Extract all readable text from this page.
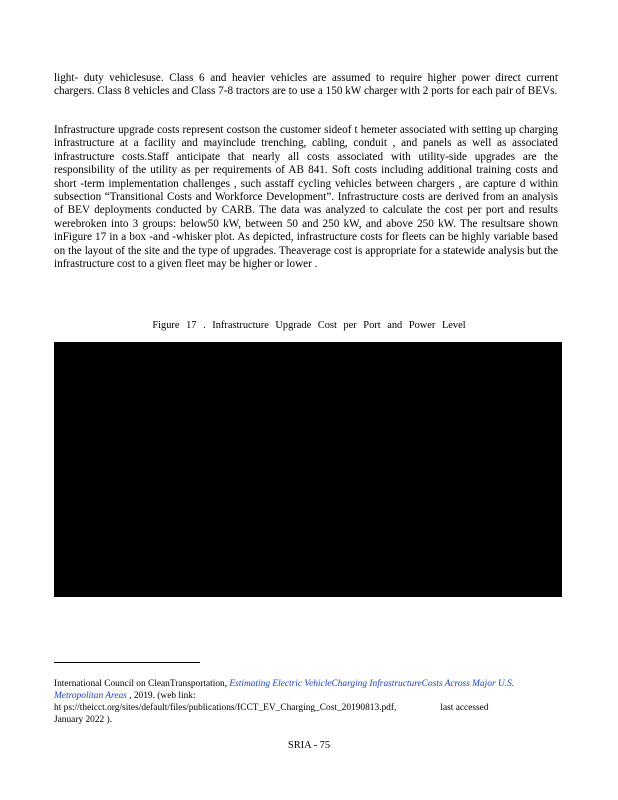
light- duty vehiclesuse. Class 6 and heavier vehicles are assumed to require higher power direct current chargers. Class 8 vehicles and Class 7-8 tractors are to use a 150 kW charger with 2 ports for each pair of BEVs.

Infrastructure upgrade costs represent costson the customer sideof t hemeter associated with setting up charging infrastructure at a facility and mayinclude trenching, cabling, conduit , and panels as well as associated infrastructure costs.Staff anticipate that nearly all costs associated with utility-side upgrades are the responsibility of the utility as per requirements of AB 841. Soft costs including additional training costs and short -term implementation challenges , such asstaff cycling vehicles between chargers , are capture d within subsection “Transitional Costs and Workforce Development”. Infrastructure costs are derived from an analysis of BEV deployments conducted by CARB. The data was analyzed to calculate the cost per port and results werebroken into 3 groups: below50 kW, between 50 and 250 kW, and above 250 kW. The resultsare shown inFigure 17 in a box -and -whisker plot. As depicted, infrastructure costs for fleets can be highly variable based on the layout of the site and the type of upgrades. Theaverage cost is appropriate for a statewide analysis but the infrastructure cost to a given fleet may be higher or lower .

Figure 17 . Infrastructure Upgrade Cost per Port and Power Level

International Council on CleanTransportation, Estimating Electric VehicleCharging InfrastructureCosts Across Major U.S. Metropolitan Areas , 2019. (web link:
ht ps://theicct.org/sites/default/files/publications/ICCT_EV_Charging_Cost_20190813.pdf,	last accessed
January 2022 ).

SRIA - 75
